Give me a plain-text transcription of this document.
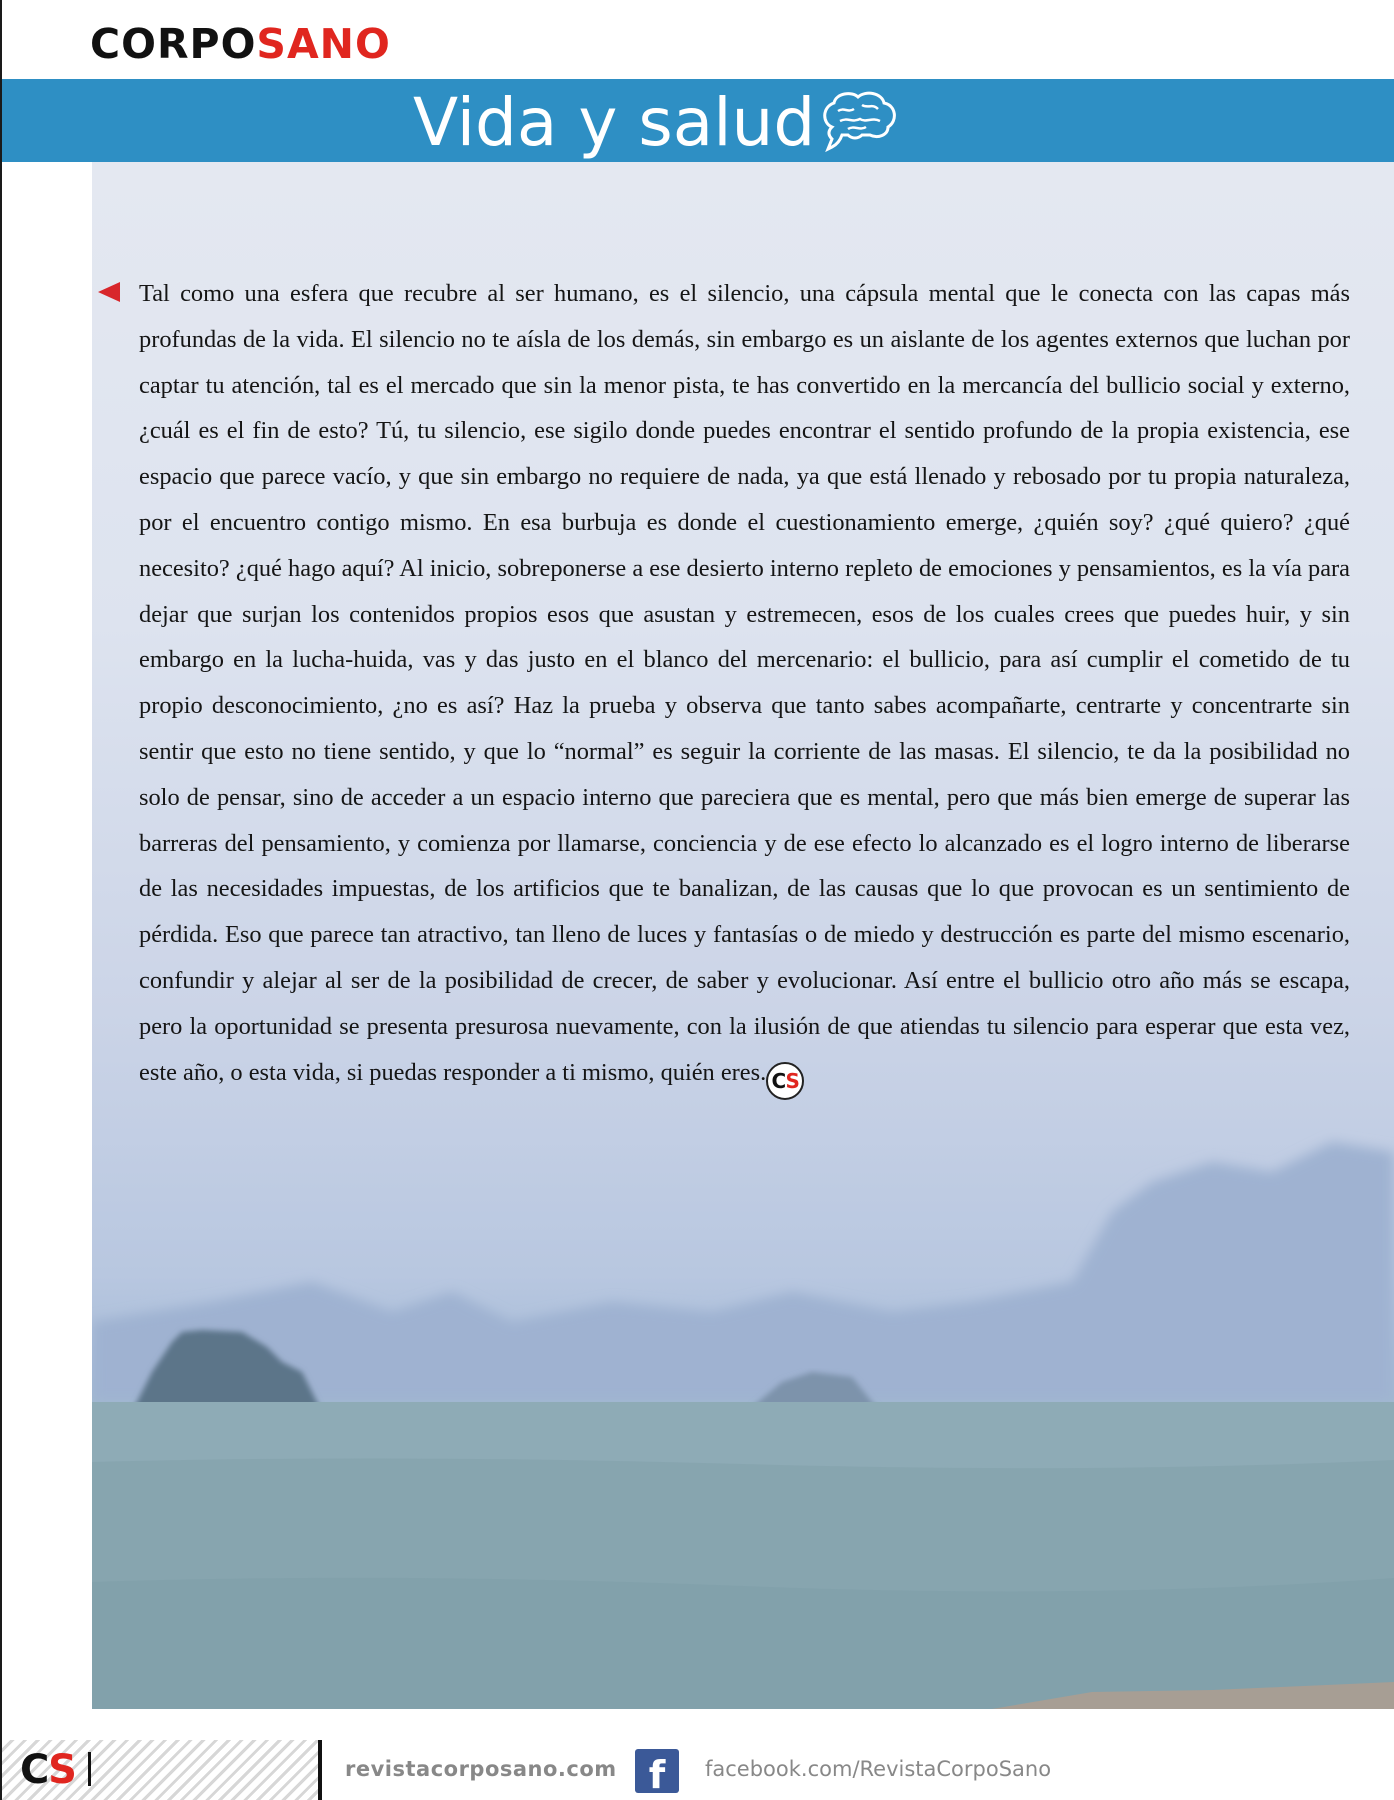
CORPOSANO
Vida y salud

Tal como una esfera que recubre al ser humano, es el silencio, una cápsula mental que le conecta con las capas más profundas de la vida. El silencio no te aísla de los demás, sin embargo es un aislante de los agentes externos que luchan por captar tu atención, tal es el mercado que sin la menor pista, te has convertido en la mercancía del bullicio social y externo, ¿cuál es el fin de esto? Tú, tu silencio, ese sigilo donde puedes encontrar el sentido profundo de la propia existencia, ese espacio que parece vacío, y que sin embargo no requiere de nada, ya que está llenado y rebosado por tu propia naturaleza, por el encuentro contigo mismo. En esa burbuja es donde el cuestionamiento emerge, ¿quién soy? ¿qué quiero? ¿qué necesito? ¿qué hago aquí? Al inicio, sobreponerse a ese desierto interno repleto de emociones y pensamientos, es la vía para dejar que surjan los contenidos propios esos que asustan y estremecen, esos de los cuales crees que puedes huir, y sin embargo en la lucha-huida, vas y das justo en el blanco del mercenario: el bullicio, para así cumplir el cometido de tu propio desconocimiento, ¿no es así? Haz la prueba y observa que tanto sabes acompañarte, centrarte y concentrarte sin sentir que esto no tiene sentido, y que lo “normal” es seguir la corriente de las masas. El silencio, te da la posibilidad no solo de pensar, sino de acceder a un espacio interno que pareciera que es mental, pero que más bien emerge de superar las barreras del pensamiento, y comienza por llamarse, conciencia y de ese efecto lo alcanzado es el logro interno de liberarse de las necesidades impuestas, de los artificios que te banalizan, de las causas que lo que provocan es un sentimiento de pérdida. Eso que parece tan atractivo, tan lleno de luces y fantasías o de miedo y destrucción es parte del mismo escenario, confundir y alejar al ser de la posibilidad de crecer, de saber y evolucionar. Así entre el bullicio otro año más se escapa, pero la oportunidad se presenta presurosa nuevamente, con la ilusión de que atiendas tu silencio para esperar que esta vez, este año, o esta vida, si puedas responder a ti mismo, quién eres. CS

CS	revistacorposano.com f	facebook.com/RevistaCorpoSano
